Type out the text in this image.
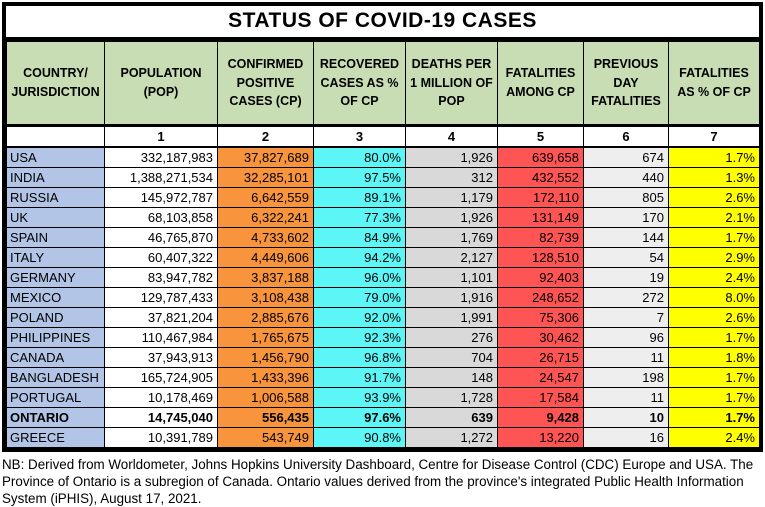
STATUS OF COVID-19 CASES
COUNTRY/ JURISDICTION	POPULATION (POP)	CONFIRMED POSITIVE CASES (CP)	RECOVERED CASES AS % OF CP	DEATHS PER 1 MILLION OF POP	FATALITIES AMONG CP	PREVIOUS DAY FATALITIES	FATALITIES AS % OF CP
	1	2	3	4	5	6	7
USA	332,187,983	37,827,689	80.0%	1,926	639,658	674	1.7%
INDIA	1,388,271,534	32,285,101	97.5%	312	432,552	440	1.3%
RUSSIA	145,972,787	6,642,559	89.1%	1,179	172,110	805	2.6%
UK	68,103,858	6,322,241	77.3%	1,926	131,149	170	2.1%
SPAIN	46,765,870	4,733,602	84.9%	1,769	82,739	144	1.7%
ITALY	60,407,322	4,449,606	94.2%	2,127	128,510	54	2.9%
GERMANY	83,947,782	3,837,188	96.0%	1,101	92,403	19	2.4%
MEXICO	129,787,433	3,108,438	79.0%	1,916	248,652	272	8.0%
POLAND	37,821,204	2,885,676	92.0%	1,991	75,306	7	2.6%
PHILIPPINES	110,467,984	1,765,675	92.3%	276	30,462	96	1.7%
CANADA	37,943,913	1,456,790	96.8%	704	26,715	11	1.8%
BANGLADESH	165,724,905	1,433,396	91.7%	148	24,547	198	1.7%
PORTUGAL	10,178,469	1,006,588	93.9%	1,728	17,584	11	1.7%
ONTARIO	14,745,040	556,435	97.6%	639	9,428	10	1.7%
GREECE	10,391,789	543,749	90.8%	1,272	13,220	16	2.4%

NB: Derived from Worldometer, Johns Hopkins University Dashboard, Centre for Disease Control (CDC) Europe and USA. The Province of Ontario is a subregion of Canada. Ontario values derived from the province's integrated Public Health Information System (iPHIS), August 17, 2021.
